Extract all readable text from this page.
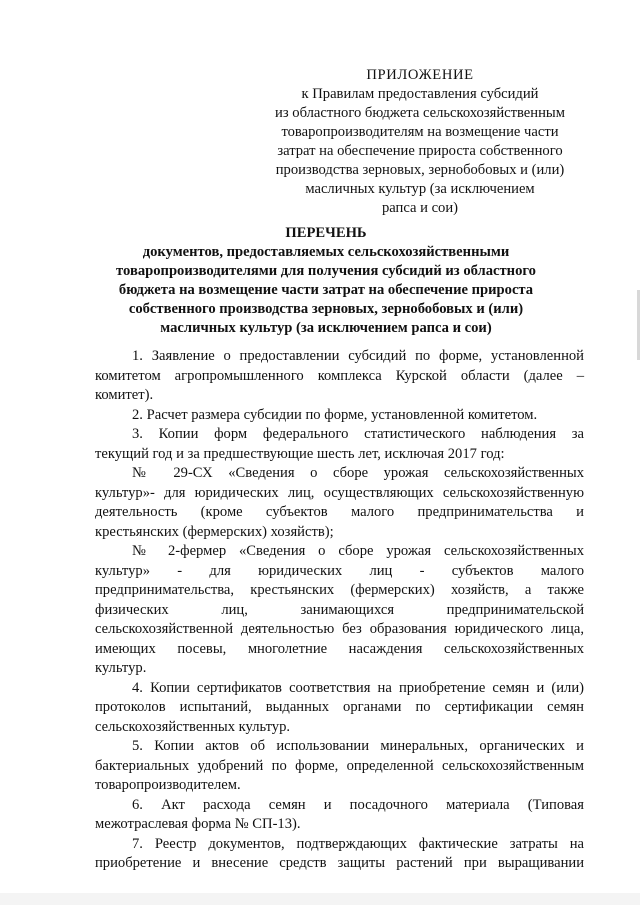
ПРИЛОЖЕНИЕ
к Правилам предоставления субсидий
из областного бюджета сельскохозяйственным
товаропроизводителям на возмещение части
затрат на обеспечение прироста собственного
производства зерновых, зернобобовых и (или)
масличных культур (за исключением
рапса и сои)
ПЕРЕЧЕНЬ
документов, предоставляемых сельскохозяйственными
товаропроизводителями для получения субсидий из областного
бюджета на возмещение части затрат на обеспечение прироста
собственного производства зерновых, зернобобовых и (или)
масличных культур (за исключением рапса и сои)
1. Заявление о предоставлении субсидий по форме, установленной
комитетом агропромышленного комплекса Курской области (далее –
комитет).
2. Расчет размера субсидии по форме, установленной комитетом.
3. Копии форм федерального статистического наблюдения за
текущий год и за предшествующие шесть лет, исключая 2017 год:
№ 29-СХ «Сведения о сборе урожая сельскохозяйственных
культур»- для юридических лиц, осуществляющих сельскохозяйственную
деятельность (кроме субъектов малого предпринимательства и
крестьянских (фермерских) хозяйств);
№ 2-фермер «Сведения о сборе урожая сельскохозяйственных
культур» - для юридических лиц - субъектов малого
предпринимательства, крестьянских (фермерских) хозяйств, а также
физических лиц, занимающихся предпринимательской
сельскохозяйственной деятельностью без образования юридического лица,
имеющих посевы, многолетние насаждения сельскохозяйственных
культур.
4. Копии сертификатов соответствия на приобретение семян и (или)
протоколов испытаний, выданных органами по сертификации семян
сельскохозяйственных культур.
5. Копии актов об использовании минеральных, органических и
бактериальных удобрений по форме, определенной сельскохозяйственным
товаропроизводителем.
6. Акт расхода семян и посадочного материала (Типовая
межотраслевая форма № СП-13).
7. Реестр документов, подтверждающих фактические затраты на
приобретение и внесение средств защиты растений при выращивании
